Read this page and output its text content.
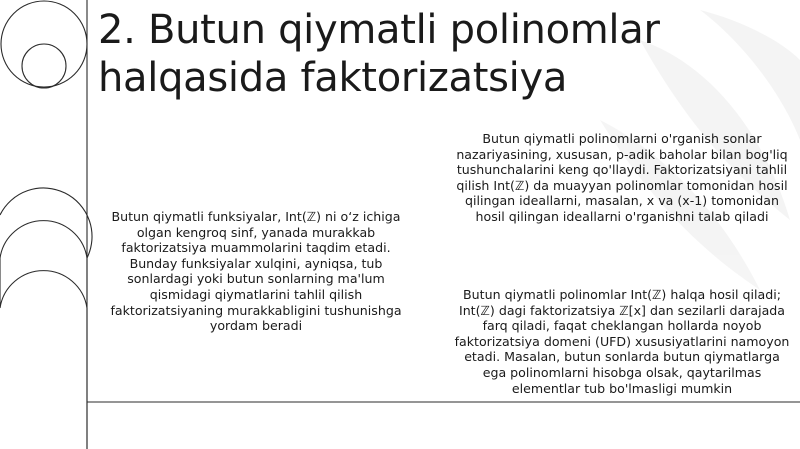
2. Butun qiymatli polinomlar halqasida faktorizatsiya

Butun qiymatli funksiyalar, Int(ℤ) ni oʻz ichiga olgan kengroq sinf, yanada murakkab faktorizatsiya muammolarini taqdim etadi. Bunday funksiyalar xulqini, ayniqsa, tub sonlardagi yoki butun sonlarning ma'lum qismidagi qiymatlarini tahlil qilish faktorizatsiyaning murakkabligini tushunishga yordam beradi

Butun qiymatli polinomlarni o'rganish sonlar nazariyasining, xususan, p-adik baholar bilan bog'liq tushunchalarini keng qo'llaydi. Faktorizatsiyani tahlil qilish Int(ℤ) da muayyan polinomlar tomonidan hosil qilingan ideallarni, masalan, x va (x-1) tomonidan hosil qilingan ideallarni o'rganishni talab qiladi

Butun qiymatli polinomlar Int(ℤ) halqa hosil qiladi; Int(ℤ) dagi faktorizatsiya ℤ[x] dan sezilarli darajada farq qiladi, faqat cheklangan hollarda noyob faktorizatsiya domeni (UFD) xususiyatlarini namoyon etadi. Masalan, butun sonlarda butun qiymatlarga ega polinomlarni hisobga olsak, qaytarilmas elementlar tub bo'lmasligi mumkin
